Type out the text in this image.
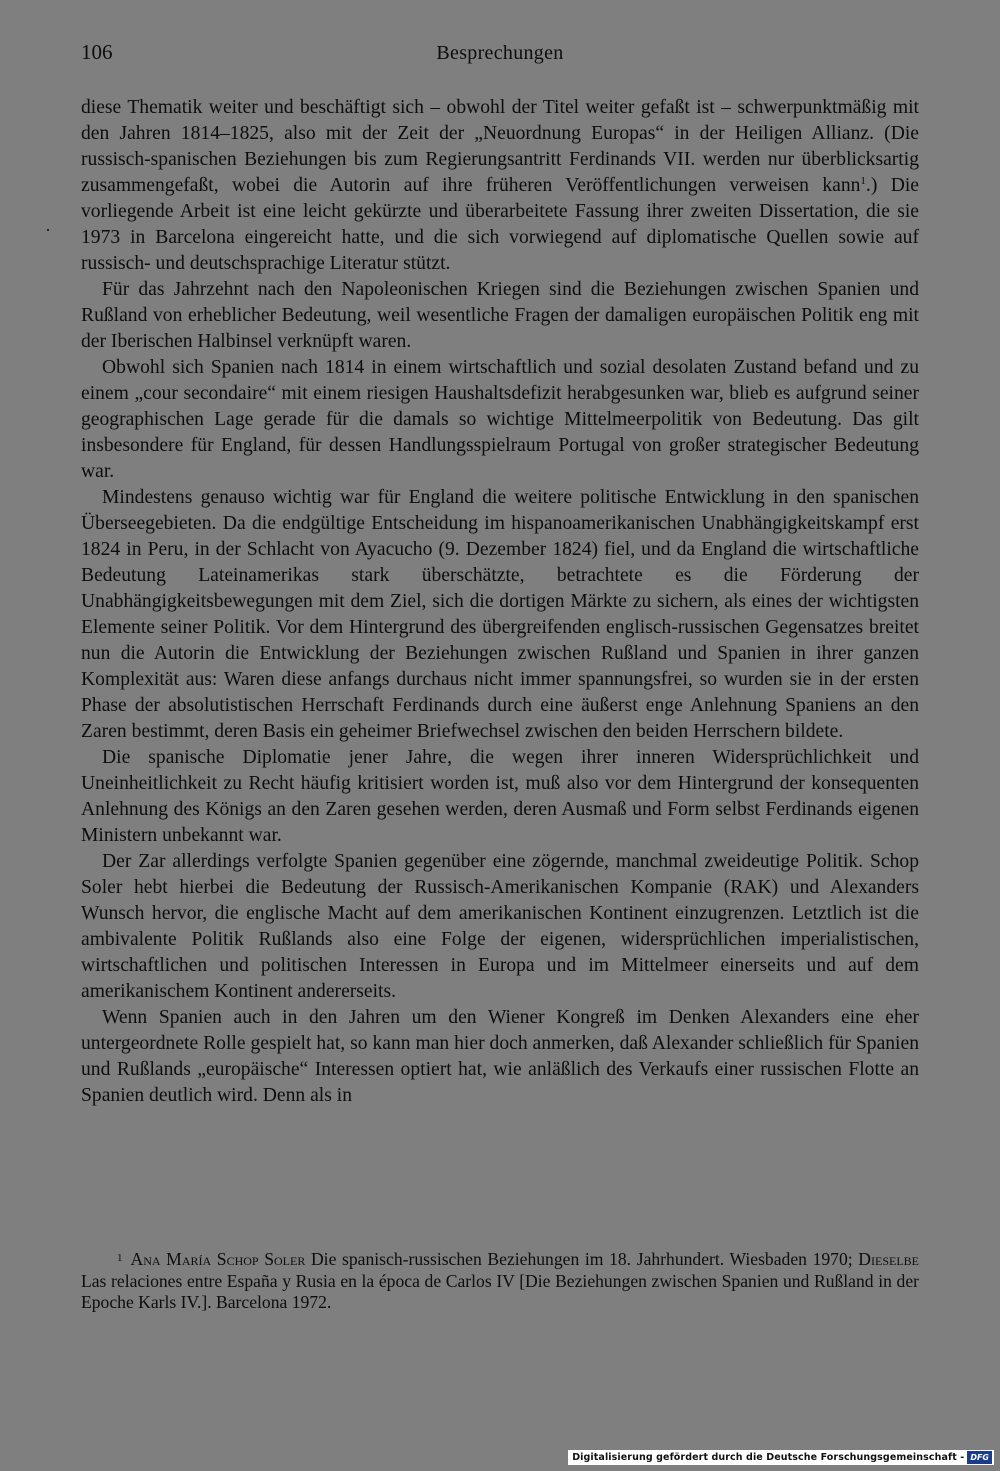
106	Besprechungen

diese Thematik weiter und beschäftigt sich – obwohl der Titel weiter gefaßt ist – schwerpunktmäßig mit den Jahren 1814–1825, also mit der Zeit der „Neuordnung Europas“ in der Heiligen Allianz. (Die russisch-spanischen Beziehungen bis zum Regierungsantritt Ferdinands VII. werden nur überblicksartig zusammengefaßt, wobei die Autorin auf ihre früheren Veröffentlichungen verweisen kann$^1$.) Die vorliegende Arbeit ist eine leicht gekürzte und überarbeitete Fassung ihrer zweiten Dissertation, die sie 1973 in Barcelona eingereicht hatte, und die sich vorwiegend auf diplomatische Quellen sowie auf russisch- und deutschsprachige Literatur stützt.

Für das Jahrzehnt nach den Napoleonischen Kriegen sind die Beziehungen zwischen Spanien und Rußland von erheblicher Bedeutung, weil wesentliche Fragen der damaligen europäischen Politik eng mit der Iberischen Halbinsel verknüpft waren.

Obwohl sich Spanien nach 1814 in einem wirtschaftlich und sozial desolaten Zustand befand und zu einem „cour secondaire“ mit einem riesigen Haushaltsdefizit herabgesunken war, blieb es aufgrund seiner geographischen Lage gerade für die damals so wichtige Mittelmeerpolitik von Bedeutung. Das gilt insbesondere für England, für dessen Handlungsspielraum Portugal von großer strategischer Bedeutung war.

Mindestens genauso wichtig war für England die weitere politische Entwicklung in den spanischen Überseegebieten. Da die endgültige Entscheidung im hispanoamerikanischen Unabhängigkeitskampf erst 1824 in Peru, in der Schlacht von Ayacucho (9. Dezember 1824) fiel, und da England die wirtschaftliche Bedeutung Lateinamerikas stark überschätzte, betrachtete es die Förderung der Unabhängigkeitsbewegungen mit dem Ziel, sich die dortigen Märkte zu sichern, als eines der wichtigsten Elemente seiner Politik. Vor dem Hintergrund des übergreifenden englisch-russischen Gegensatzes breitet nun die Autorin die Entwicklung der Beziehungen zwischen Rußland und Spanien in ihrer ganzen Komplexität aus: Waren diese anfangs durchaus nicht immer spannungsfrei, so wurden sie in der ersten Phase der absolutistischen Herrschaft Ferdinands durch eine äußerst enge Anlehnung Spaniens an den Zaren bestimmt, deren Basis ein geheimer Briefwechsel zwischen den beiden Herrschern bildete.

Die spanische Diplomatie jener Jahre, die wegen ihrer inneren Widersprüchlichkeit und Uneinheitlichkeit zu Recht häufig kritisiert worden ist, muß also vor dem Hintergrund der konsequenten Anlehnung des Königs an den Zaren gesehen werden, deren Ausmaß und Form selbst Ferdinands eigenen Ministern unbekannt war.

Der Zar allerdings verfolgte Spanien gegenüber eine zögernde, manchmal zweideutige Politik. Schop Soler hebt hierbei die Bedeutung der Russisch-Amerikanischen Kompanie (RAK) und Alexanders Wunsch hervor, die englische Macht auf dem amerikanischen Kontinent einzugrenzen. Letztlich ist die ambivalente Politik Rußlands also eine Folge der eigenen, widersprüchlichen imperialistischen, wirtschaftlichen und politischen Interessen in Europa und im Mittelmeer einerseits und auf dem amerikanischem Kontinent andererseits.

Wenn Spanien auch in den Jahren um den Wiener Kongreß im Denken Alexanders eine eher untergeordnete Rolle gespielt hat, so kann man hier doch anmerken, daß Alexander schließlich für Spanien und Rußlands „europäische“ Interessen optiert hat, wie anläßlich des Verkaufs einer russischen Flotte an Spanien deutlich wird. Denn als in

$^1$ Ana María Schop Soler Die spanisch-russischen Beziehungen im 18. Jahrhundert. Wiesbaden 1970; Dieselbe Las relaciones entre España y Rusia en la época de Carlos IV [Die Beziehungen zwischen Spanien und Rußland in der Epoche Karls IV.]. Barcelona 1972.

Digitalisierung gefördert durch die Deutsche Forschungsgemeinschaft - DFG
